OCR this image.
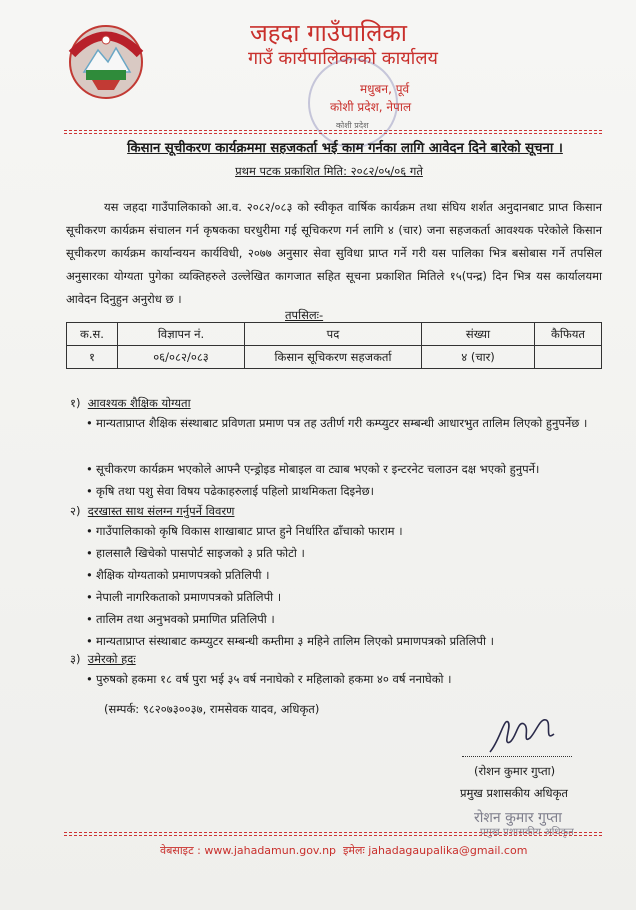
जहदा गाउँपालिका
गाउँ कार्यपालिकाको कार्यालय
मधुबन, पूर्व
कोशी प्रदेश, नेपाल
कोशी प्रदेश
किसान सूचीकरण कार्यक्रममा सहजकर्ता भई काम गर्नका लागि आवेदन दिने बारेको सूचना ।
प्रथम पटक प्रकाशित मिति: २०८२/०५/०६ गते
यस जहदा गाउँपालिकाको आ.व. २०८२/०८३ को स्वीकृत वार्षिक कार्यक्रम तथा संघिय शर्शत अनुदानबाट प्राप्त किसान सूचीकरण कार्यक्रम संचालन गर्न कृषकका घरधुरीमा गई सूचिकरण गर्न लागि ४ (चार) जना सहजकर्ता आवश्यक परेकोले किसान सूचीकरण कार्यक्रम कार्यान्वयन कार्यविधी, २०७७ अनुसार सेवा सुविधा प्राप्त गर्ने गरी यस पालिका भित्र बसोबास गर्ने तपसिल अनुसारका योग्यता पुगेका व्यक्तिहरुले उल्लेखित कागजात सहित सूचना प्रकाशित मितिले १५(पन्द्र) दिन भित्र यस कार्यालयमा आवेदन दिनुहुन अनुरोध छ ।
तपसिलः-
क.स.	विज्ञापन नं.	पद	संख्या	कैफियत
१	०६/०८२/०८३	किसान सूचिकरण सहजकर्ता	४ (चार)	
१) आवश्यक शैक्षिक योग्यता
• मान्यताप्राप्त शैक्षिक संस्थाबाट प्रविणता प्रमाण पत्र तह उतीर्ण गरी कम्प्युटर सम्बन्धी आधारभुत तालिम लिएको हुनुपर्नेछ ।
• सूचीकरण कार्यक्रम भएकोले आफ्नै एन्ड्रोइड मोबाइल वा ट्याब भएको र इन्टरनेट चलाउन दक्ष भएको हुनुपर्ने।
• कृषि तथा पशु सेवा विषय पढेकाहरुलाई पहिलो प्राथमिकता दिइनेछ।
२) दरखास्त साथ संलग्न गर्नुपर्ने विवरण
• गाउँपालिकाको कृषि विकास शाखाबाट प्राप्त हुने निर्धारित ढाँचाको फाराम ।
• हालसालै खिचेको पासपोर्ट साइजको ३ प्रति फोटो ।
• शैक्षिक योग्यताको प्रमाणपत्रको प्रतिलिपी ।
• नेपाली नागरिकताको प्रमाणपत्रको प्रतिलिपी ।
• तालिम तथा अनुभवको प्रमाणित प्रतिलिपी ।
• मान्यताप्राप्त संस्थाबाट कम्प्युटर सम्बन्धी कम्तीमा ३ महिने तालिम लिएको प्रमाणपत्रको प्रतिलिपी ।
३) उमेरको हदः
• पुरुषको हकमा १८ वर्ष पुरा भई ३५ वर्ष ननाघेको र महिलाको हकमा ४० वर्ष ननाघेको ।
(सम्पर्क: ९८२०७३००३७, रामसेवक यादव, अधिकृत)
(रोशन कुमार गुप्ता)
प्रमुख प्रशासकीय अधिकृत
रोशन कुमार गुप्ता
प्रमुख प्रशासकीय अधिकृत
वेबसाइट : www.jahadamun.gov.np इमेलः jahadagaupalika@gmail.com
